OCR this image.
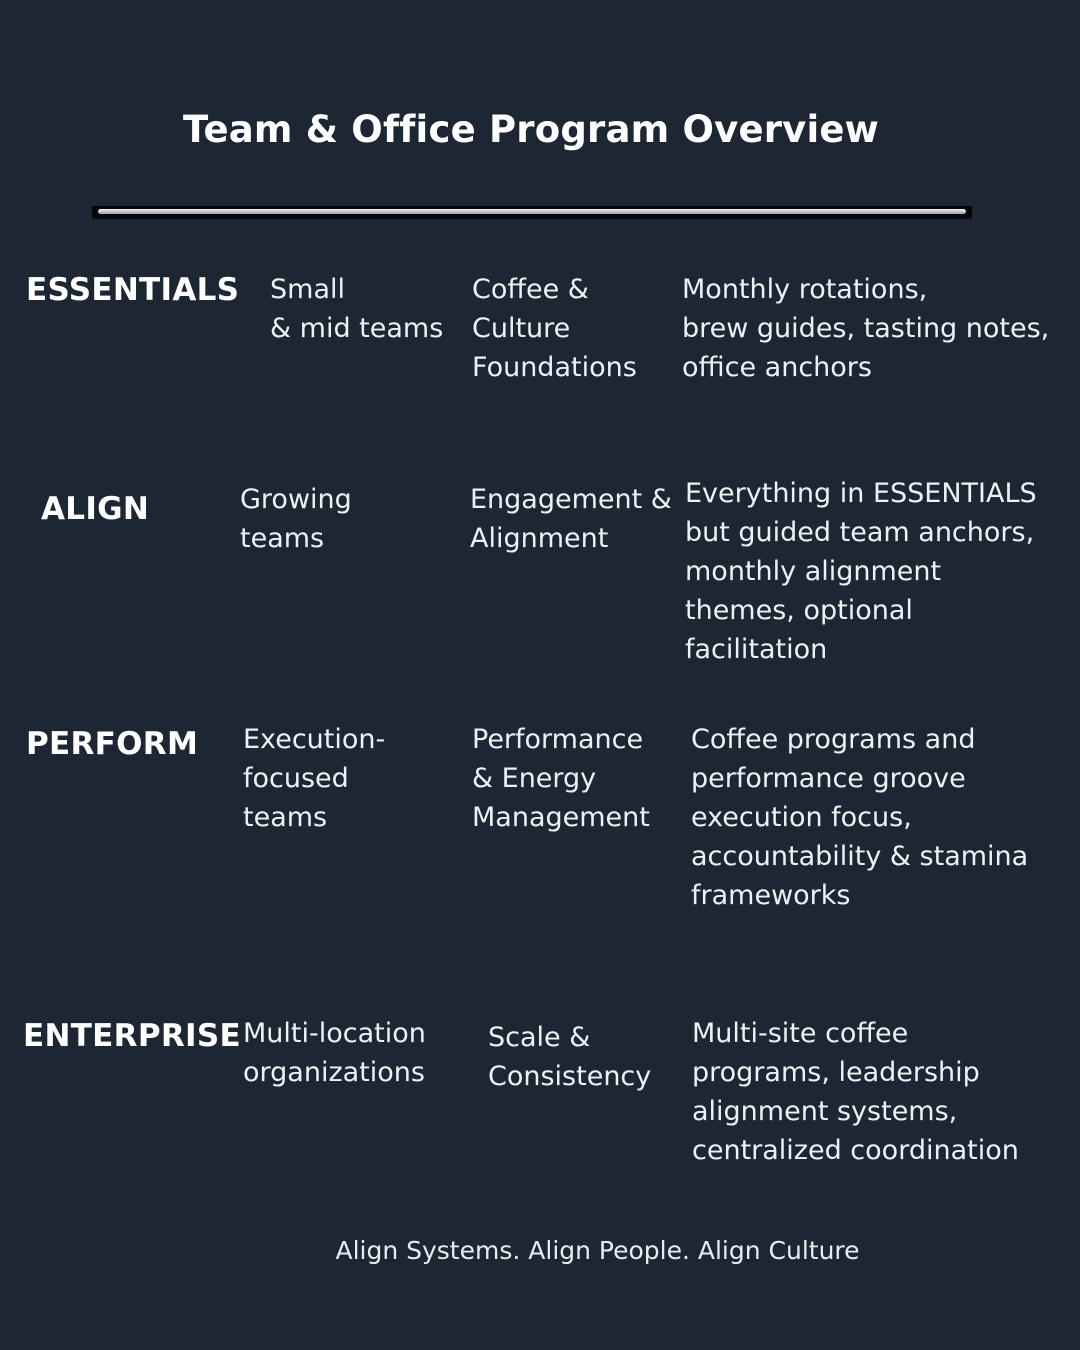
Team & Office Program Overview
ESSENTIALS Small
& mid teams
Coffee &
Culture
Foundations
Monthly rotations,
brew guides, tasting notes,
office anchors
ALIGN	Growing
teams
Engagement &
Alignment
Everything in ESSENTIALS
but guided team anchors,
monthly alignment
themes, optional
facilitation
PERFORM Execution-
focused
teams
Performance
& Energy
Management
Coffee programs and
performance groove
execution focus,
accountability & stamina
frameworks
ENTERPRISE Multi-location
organizations
Scale &
Consistency
Multi-site coffee
programs, leadership
alignment systems,
centralized coordination
Align Systems. Align People. Align Culture
